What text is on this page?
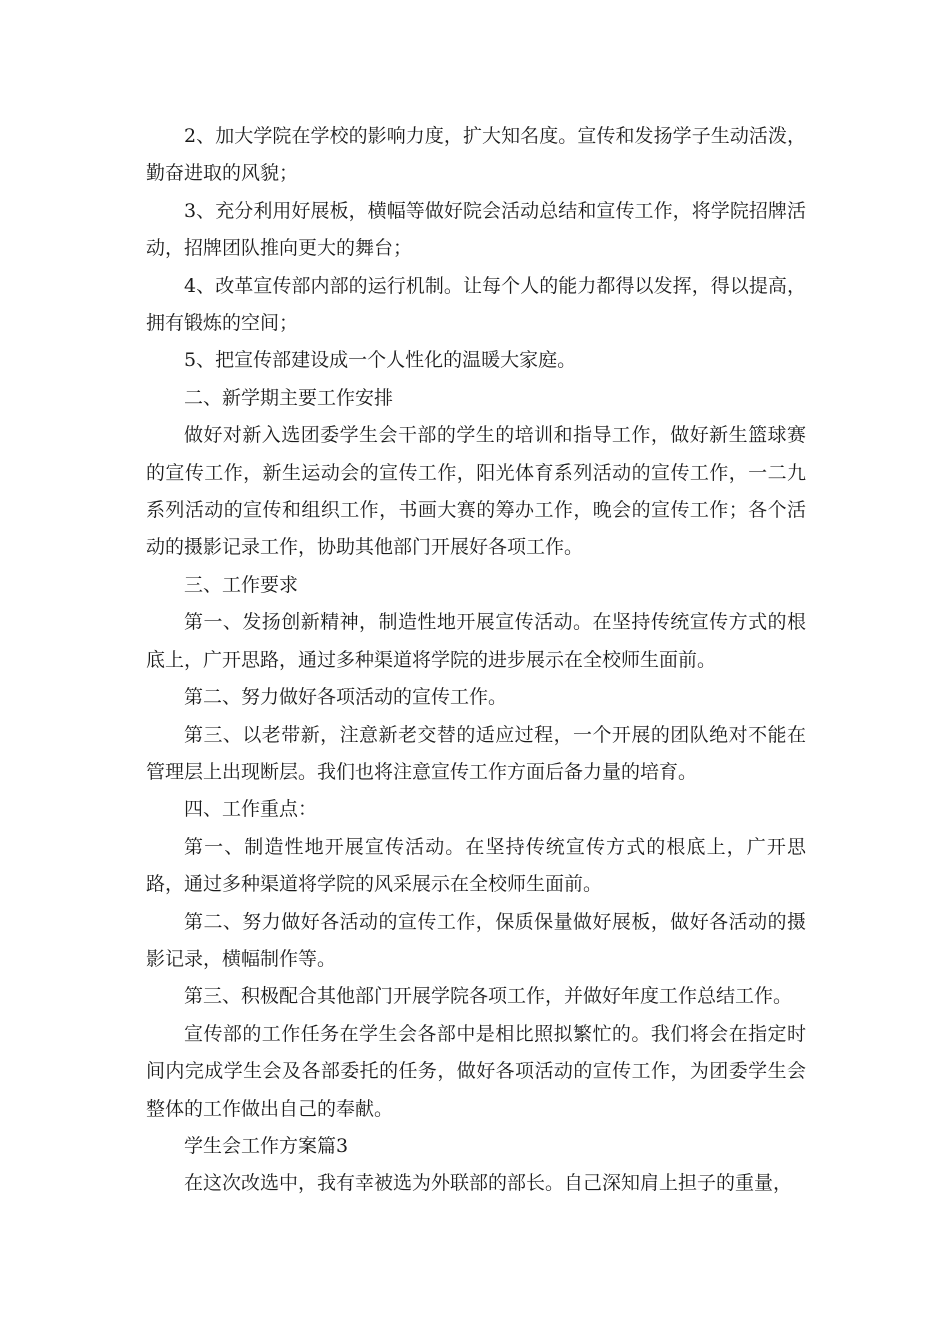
2、加大学院在学校的影响力度，扩大知名度。宣传和发扬学子生动活泼，勤奋进取的风貌；

3、充分利用好展板，横幅等做好院会活动总结和宣传工作，将学院招牌活动，招牌团队推向更大的舞台；

4、改革宣传部内部的运行机制。让每个人的能力都得以发挥，得以提高，拥有锻炼的空间；

5、把宣传部建设成一个人性化的温暖大家庭。

二、新学期主要工作安排

做好对新入选团委学生会干部的学生的培训和指导工作，做好新生篮球赛的宣传工作，新生运动会的宣传工作，阳光体育系列活动的宣传工作，一二九系列活动的宣传和组织工作，书画大赛的筹办工作，晚会的宣传工作；各个活动的摄影记录工作，协助其他部门开展好各项工作。

三、工作要求

第一、发扬创新精神，制造性地开展宣传活动。在坚持传统宣传方式的根底上，广开思路，通过多种渠道将学院的进步展示在全校师生面前。

第二、努力做好各项活动的宣传工作。

第三、以老带新，注意新老交替的适应过程，一个开展的团队绝对不能在管理层上出现断层。我们也将注意宣传工作方面后备力量的培育。

四、工作重点：

第一、制造性地开展宣传活动。在坚持传统宣传方式的根底上，广开思路，通过多种渠道将学院的风采展示在全校师生面前。

第二、努力做好各活动的宣传工作，保质保量做好展板，做好各活动的摄影记录，横幅制作等。

第三、积极配合其他部门开展学院各项工作，并做好年度工作总结工作。

宣传部的工作任务在学生会各部中是相比照拟繁忙的。我们将会在指定时间内完成学生会及各部委托的任务，做好各项活动的宣传工作，为团委学生会整体的工作做出自己的奉献。

学生会工作方案篇3

在这次改选中，我有幸被选为外联部的部长。自己深知肩上担子的重量，
